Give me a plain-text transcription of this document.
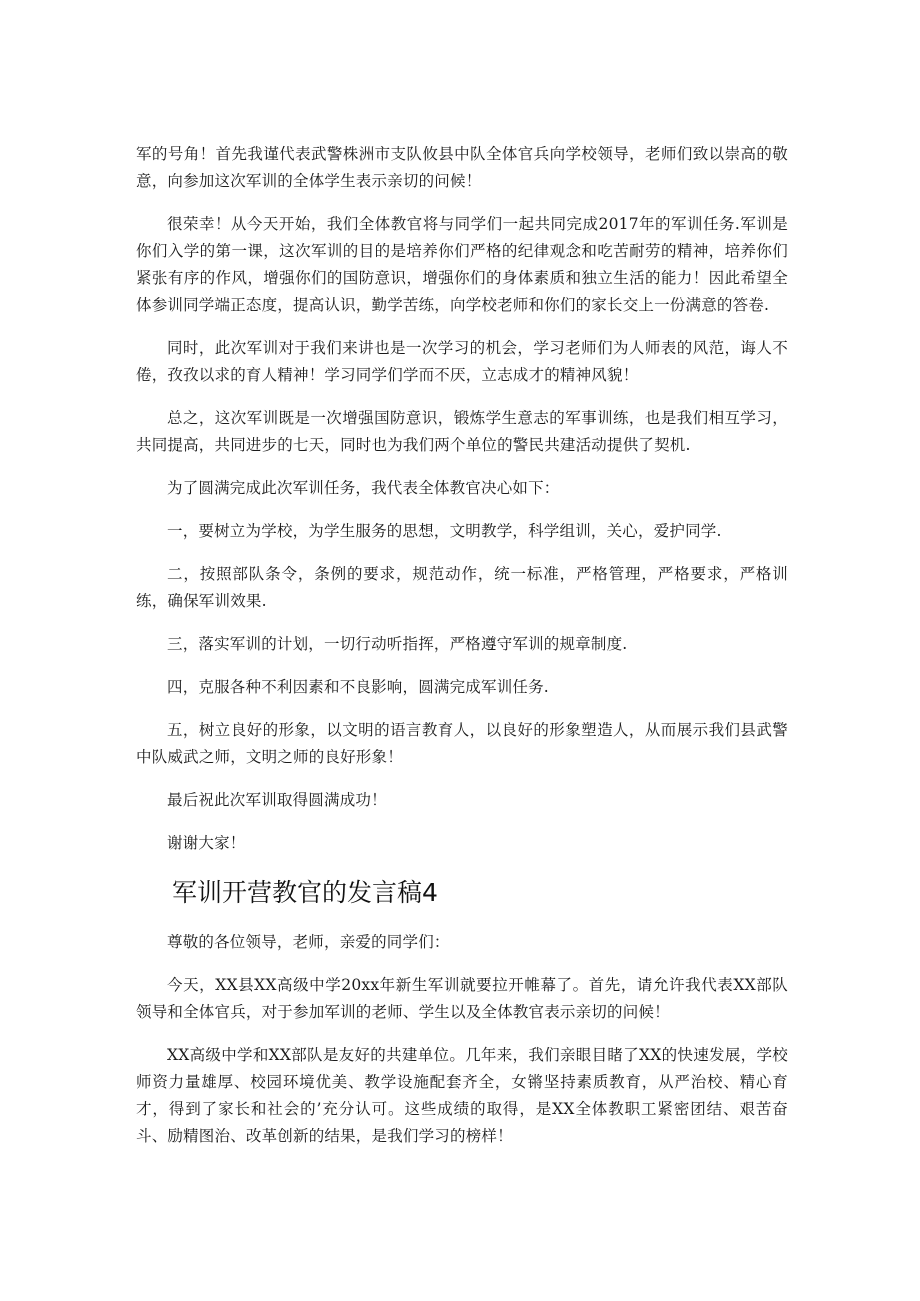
军的号角！首先我谨代表武警株洲市支队攸县中队全体官兵向学校领导，老师们致以崇高的敬意，向参加这次军训的全体学生表示亲切的问候！

很荣幸！从今天开始，我们全体教官将与同学们一起共同完成2017年的军训任务.军训是你们入学的第一课，这次军训的目的是培养你们严格的纪律观念和吃苦耐劳的精神，培养你们紧张有序的作风，增强你们的国防意识，增强你们的身体素质和独立生活的能力！因此希望全体参训同学端正态度，提高认识，勤学苦练，向学校老师和你们的家长交上一份满意的答卷.

同时，此次军训对于我们来讲也是一次学习的机会，学习老师们为人师表的风范，诲人不倦，孜孜以求的育人精神！学习同学们学而不厌，立志成才的精神风貌！

总之，这次军训既是一次增强国防意识，锻炼学生意志的军事训练，也是我们相互学习，共同提高，共同进步的七天，同时也为我们两个单位的警民共建活动提供了契机.

为了圆满完成此次军训任务，我代表全体教官决心如下：

一，要树立为学校，为学生服务的思想，文明教学，科学组训，关心，爱护同学.

二，按照部队条令，条例的要求，规范动作，统一标准，严格管理，严格要求，严格训练，确保军训效果.

三，落实军训的计划，一切行动听指挥，严格遵守军训的规章制度.

四，克服各种不利因素和不良影响，圆满完成军训任务.

五，树立良好的形象，以文明的语言教育人，以良好的形象塑造人，从而展示我们县武警中队威武之师，文明之师的良好形象！

最后祝此次军训取得圆满成功！

谢谢大家！

军训开营教官的发言稿4

尊敬的各位领导，老师，亲爱的同学们：

今天，XX县XX高级中学20xx年新生军训就要拉开帷幕了。首先，请允许我代表XX部队领导和全体官兵，对于参加军训的老师、学生以及全体教官表示亲切的问候！

XX高级中学和XX部队是友好的共建单位。几年来，我们亲眼目睹了XX的快速发展，学校师资力量雄厚、校园环境优美、教学设施配套齐全，女锵坚持素质教育，从严治校、精心育才，得到了家长和社会的’充分认可。这些成绩的取得，是XX全体教职工紧密团结、艰苦奋斗、励精图治、改革创新的结果，是我们学习的榜样！
